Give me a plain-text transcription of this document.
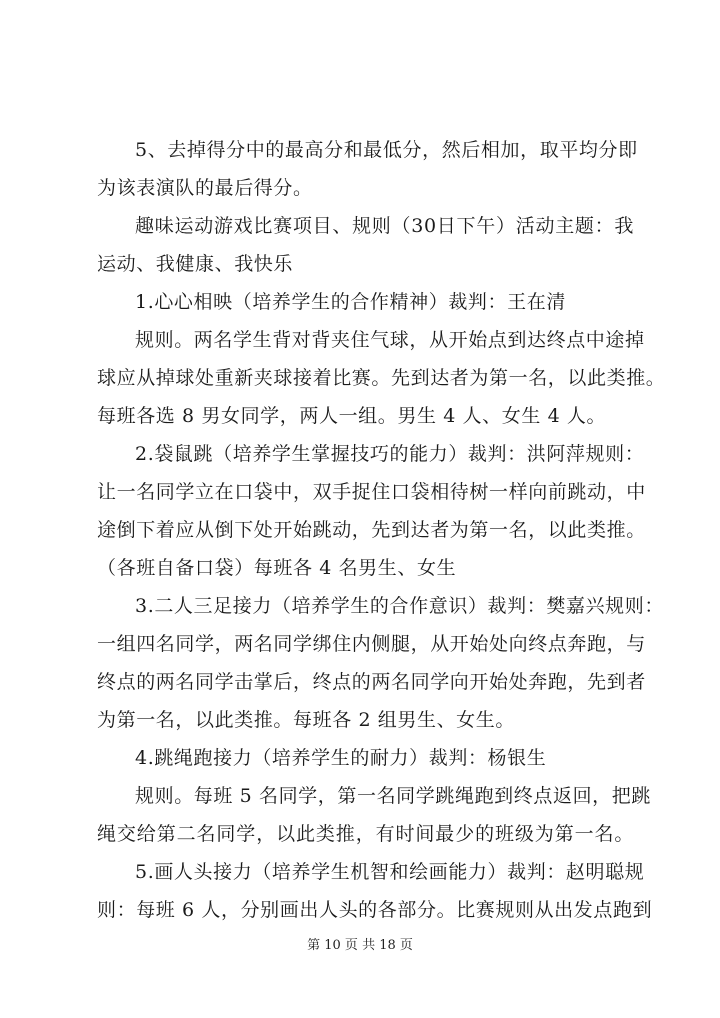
5、去掉得分中的最高分和最低分，然后相加，取平均分即
为该表演队的最后得分。
趣味运动游戏比赛项目、规则（30日下午）活动主题：我
运动、我健康、我快乐
1.心心相映（培养学生的合作精神）裁判：王在清
规则。两名学生背对背夹住气球，从开始点到达终点中途掉
球应从掉球处重新夹球接着比赛。先到达者为第一名，以此类推。
每班各选 8 男女同学，两人一组。男生 4 人、女生 4 人。
2.袋鼠跳（培养学生掌握技巧的能力）裁判：洪阿萍规则：
让一名同学立在口袋中，双手捉住口袋相待树一样向前跳动，中
途倒下着应从倒下处开始跳动，先到达者为第一名，以此类推。
（各班自备口袋）每班各 4 名男生、女生
3.二人三足接力（培养学生的合作意识）裁判：樊嘉兴规则：
一组四名同学，两名同学绑住内侧腿，从开始处向终点奔跑，与
终点的两名同学击掌后，终点的两名同学向开始处奔跑，先到者
为第一名，以此类推。每班各 2 组男生、女生。
4.跳绳跑接力（培养学生的耐力）裁判：杨银生
规则。每班 5 名同学，第一名同学跳绳跑到终点返回，把跳
绳交给第二名同学，以此类推，有时间最少的班级为第一名。
5.画人头接力（培养学生机智和绘画能力）裁判：赵明聪规
则：每班 6 人，分别画出人头的各部分。比赛规则从出发点跑到
第 10 页 共 18 页
